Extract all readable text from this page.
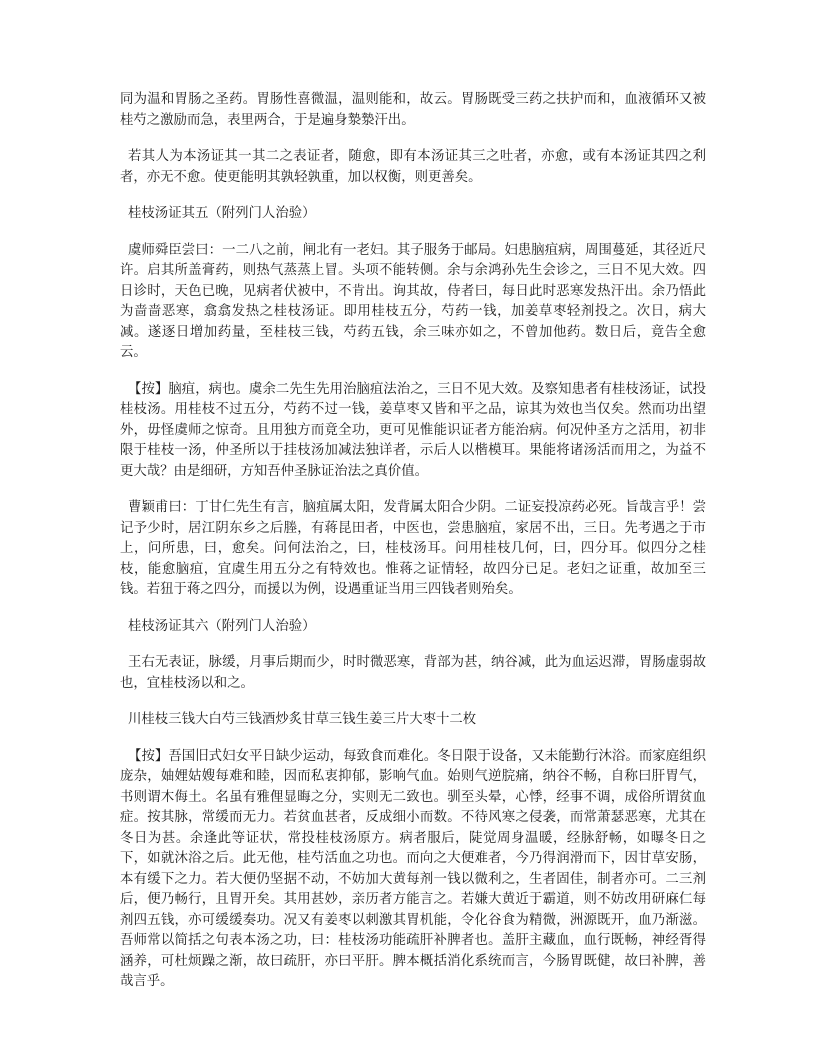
同为温和胃肠之圣药。胃肠性喜微温，温则能和，故云。胃肠既受三药之扶护而和，血液循环又被桂芍之激励而急，表里两合，于是遍身漐漐汗出。

若其人为本汤证其一其二之表证者，随愈，即有本汤证其三之吐者，亦愈，或有本汤证其四之利者，亦无不愈。使更能明其孰轻孰重，加以权衡，则更善矣。

桂枝汤证其五（附列门人治验）

虞师舜臣尝曰：一二八之前，闸北有一老妇。其子服务于邮局。妇患脑疽病，周围蔓延，其径近尺许。启其所盖膏药，则热气蒸蒸上冒。头项不能转侧。余与余鸿孙先生会诊之，三日不见大效。四日诊时，天色已晚，见病者伏被中，不肯出。询其故，侍者曰，每日此时恶寒发热汗出。余乃悟此为啬啬恶寒，翕翕发热之桂枝汤证。即用桂枝五分，芍药一钱，加姜草枣轻剂投之。次日，病大减。遂逐日增加药量，至桂枝三钱，芍药五钱，余三味亦如之，不曾加他药。数日后，竟告全愈云。

【按】脑疽，病也。虞余二先生先用治脑疽法治之，三日不见大效。及察知患者有桂枝汤证，试投桂枝汤。用桂枝不过五分，芍药不过一钱，姜草枣又皆和平之品，谅其为效也当仅矣。然而功出望外，毋怪虞师之惊奇。且用独方而竟全功，更可见惟能识证者方能治病。何况仲圣方之活用，初非限于桂枝一汤，仲圣所以于挂枝汤加减法独详者，示后人以楷模耳。果能将诸汤活而用之，为益不更大哉？由是细研，方知吾仲圣脉证治法之真价值。

曹颖甫曰：丁甘仁先生有言，脑疽属太阳，发背属太阳合少阴。二证妄投凉药必死。旨哉言乎！尝记予少时，居江阴东乡之后塍，有蒋昆田者，中医也，尝患脑疽，家居不出，三日。先考遇之于市上，问所患，曰，愈矣。问何法治之，曰，桂枝汤耳。问用桂枝几何，曰，四分耳。似四分之桂枝，能愈脑疽，宜虞生用五分之有特效也。惟蒋之证情轻，故四分已足。老妇之证重，故加至三钱。若狃于蒋之四分，而援以为例，设遇重证当用三四钱者则殆矣。

桂枝汤证其六（附列门人治验）

王右无表证，脉缓，月事后期而少，时时微恶寒，背部为甚，纳谷减，此为血运迟滞，胃肠虚弱故也，宜桂枝汤以和之。

川桂枝三钱大白芍三钱酒炒炙甘草三钱生姜三片大枣十二枚

【按】吾国旧式妇女平日缺少运动，每致食而难化。冬日限于设备，又未能勤行沐浴。而家庭组织庞杂，妯娌姑嫂每难和睦，因而私衷抑郁，影响气血。始则气逆脘痛，纳谷不畅，自称曰肝胃气，书则谓木侮土。名虽有雅俚显晦之分，实则无二致也。驯至头晕，心悸，经事不调，成俗所谓贫血症。按其脉，常缓而无力。若贫血甚者，反成细小而数。不待风寒之侵袭，而常萧瑟恶寒，尤其在冬日为甚。余逢此等证状，常投桂枝汤原方。病者服后，陡觉周身温暖，经脉舒畅，如曝冬日之下，如就沐浴之后。此无他，桂芍活血之功也。而向之大便难者，今乃得润滑而下，因甘草安肠，本有缓下之力。若大便仍坚据不动，不妨加大黄每剂一钱以微利之，生者固佳，制者亦可。二三剂后，便乃畅行，且胃开矣。其用甚妙，亲历者方能言之。若嫌大黄近于霸道，则不妨改用研麻仁每剂四五钱，亦可缓缓奏功。况又有姜枣以刺激其胃机能，令化谷食为精微，洲源既开，血乃渐滋。吾师常以简括之句表本汤之功，曰：桂枝汤功能疏肝补脾者也。盖肝主藏血，血行既畅，神经胥得涵养，可杜烦躁之渐，故曰疏肝，亦曰平肝。脾本概括消化系统而言，今肠胃既健，故曰补脾，善哉言乎。
